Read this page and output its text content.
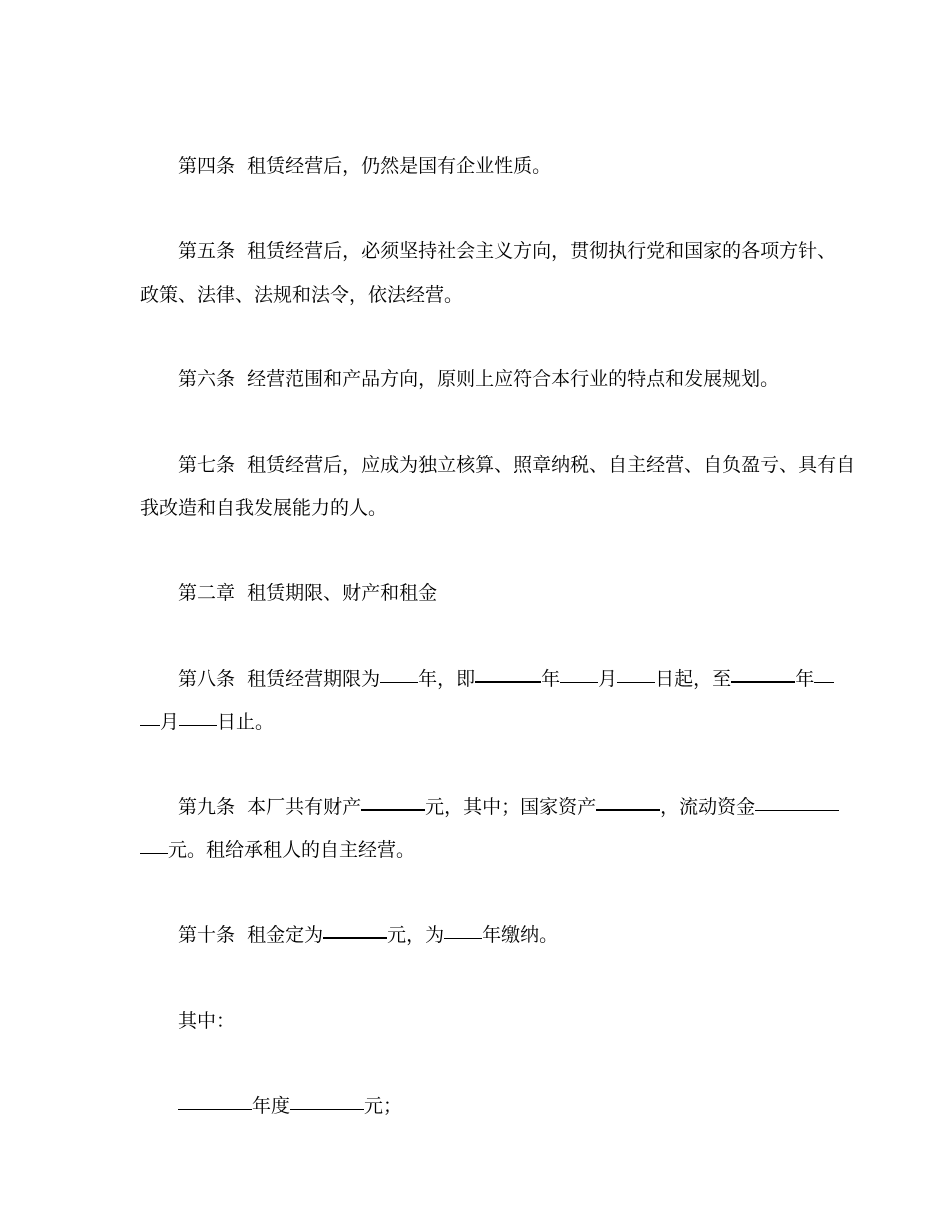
第四条 租赁经营后，仍然是国有企业性质。
第五条 租赁经营后，必须坚持社会主义方向，贯彻执行党和国家的各项方针、
政策、法律、法规和法令，依法经营。
第六条 经营范围和产品方向，原则上应符合本行业的特点和发展规划。
第七条 租赁经营后，应成为独立核算、照章纳税、自主经营、自负盈亏、具有自
我改造和自我发展能力的人。
第二章 租赁期限、财产和租金
第八条 租赁经营期限为 年，即	年 月 日起，至	年
月 日止。
第九条 本厂共有财产	元，其中；国家资产	，流动资金
元。租给承租人的自主经营。
第十条 租金定为	元，为 年缴纳。
其中：
年度	元；
